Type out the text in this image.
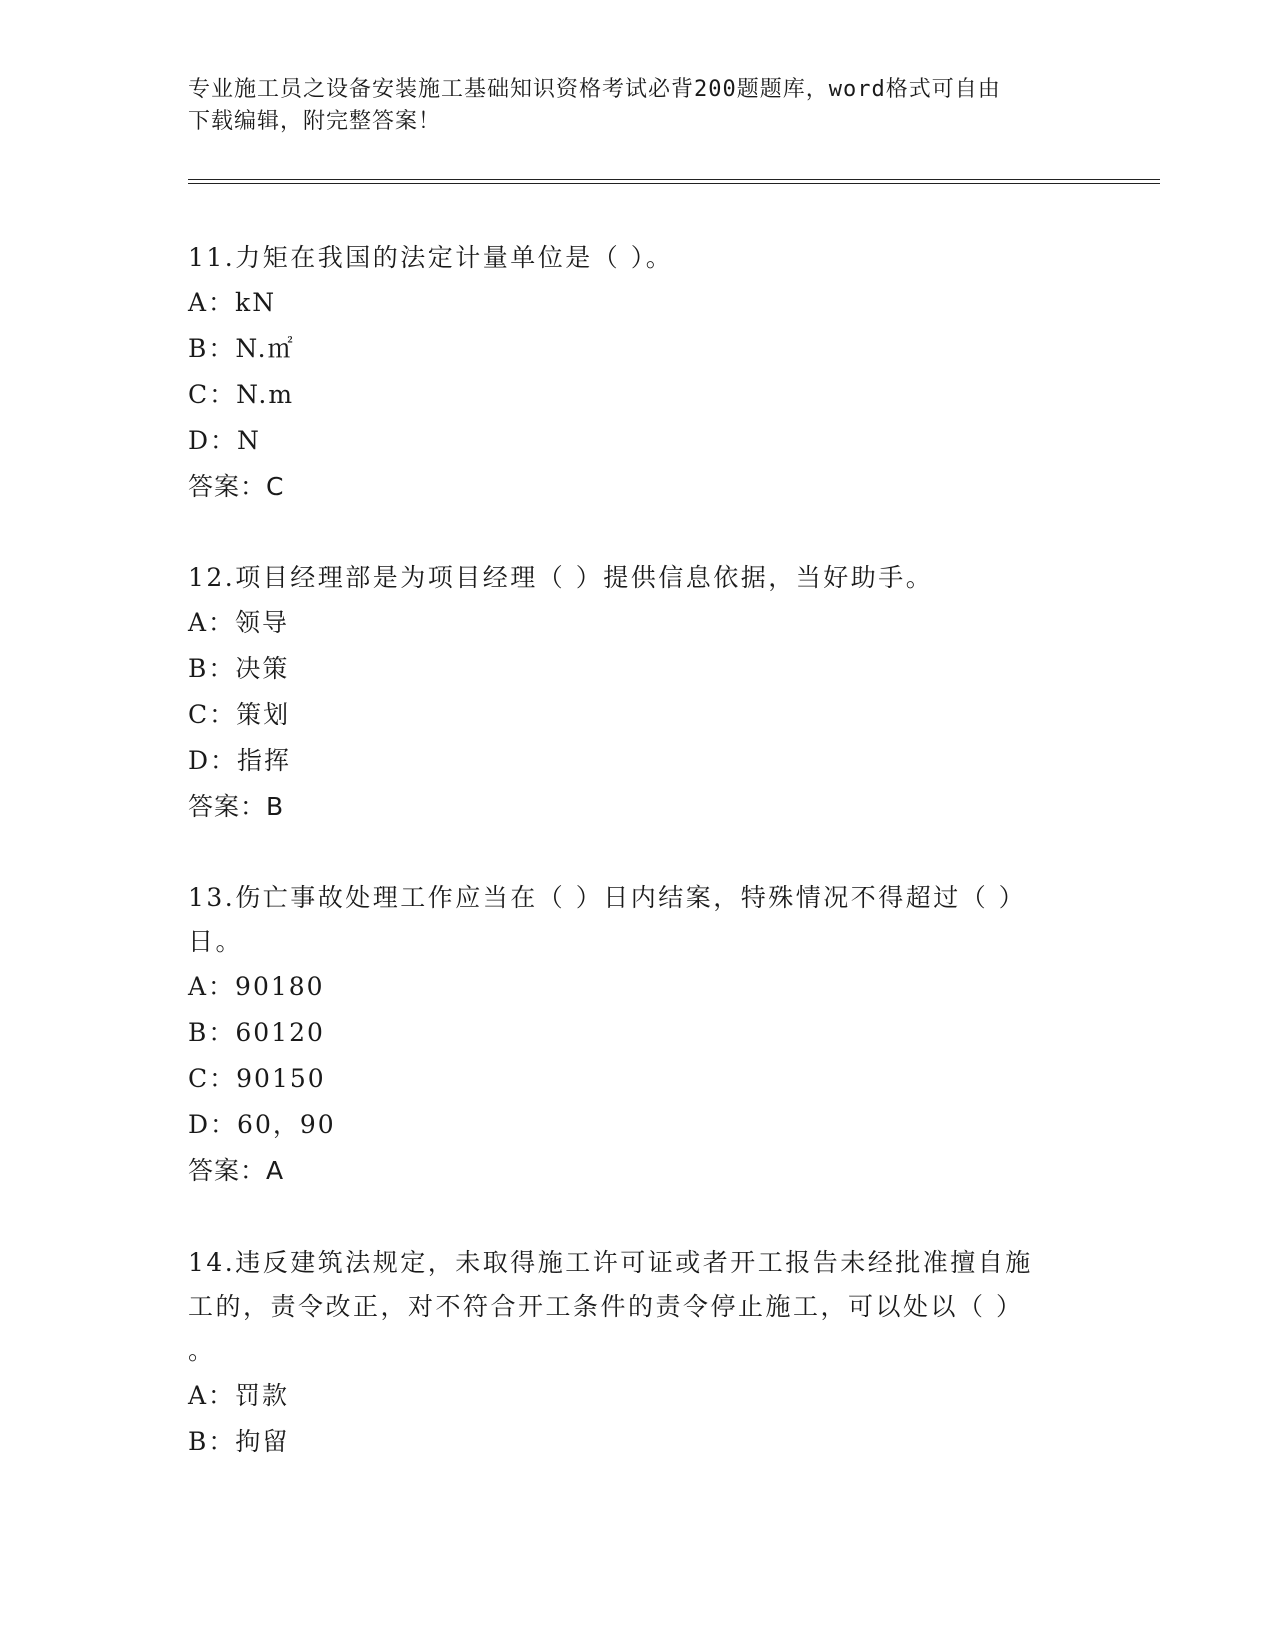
专业施工员之设备安装施工基础知识资格考试必背200题题库，word格式可自由
下载编辑，附完整答案！

11.力矩在我国的法定计量单位是（ ）。

A：kN

B：N.㎡

C：N.m

D：N

答案：C

12.项目经理部是为项目经理（ ）提供信息依据，当好助手。

A：领导

B：决策

C：策划

D：指挥

答案：B

13.伤亡事故处理工作应当在（ ）日内结案，特殊情况不得超过（ ）

日。

A：90180

B：60120

C：90150

D：60，90

答案：A

14.违反建筑法规定，未取得施工许可证或者开工报告未经批准擅自施

工的，责令改正，对不符合开工条件的责令停止施工，可以处以（ ）

。

A：罚款

B：拘留
